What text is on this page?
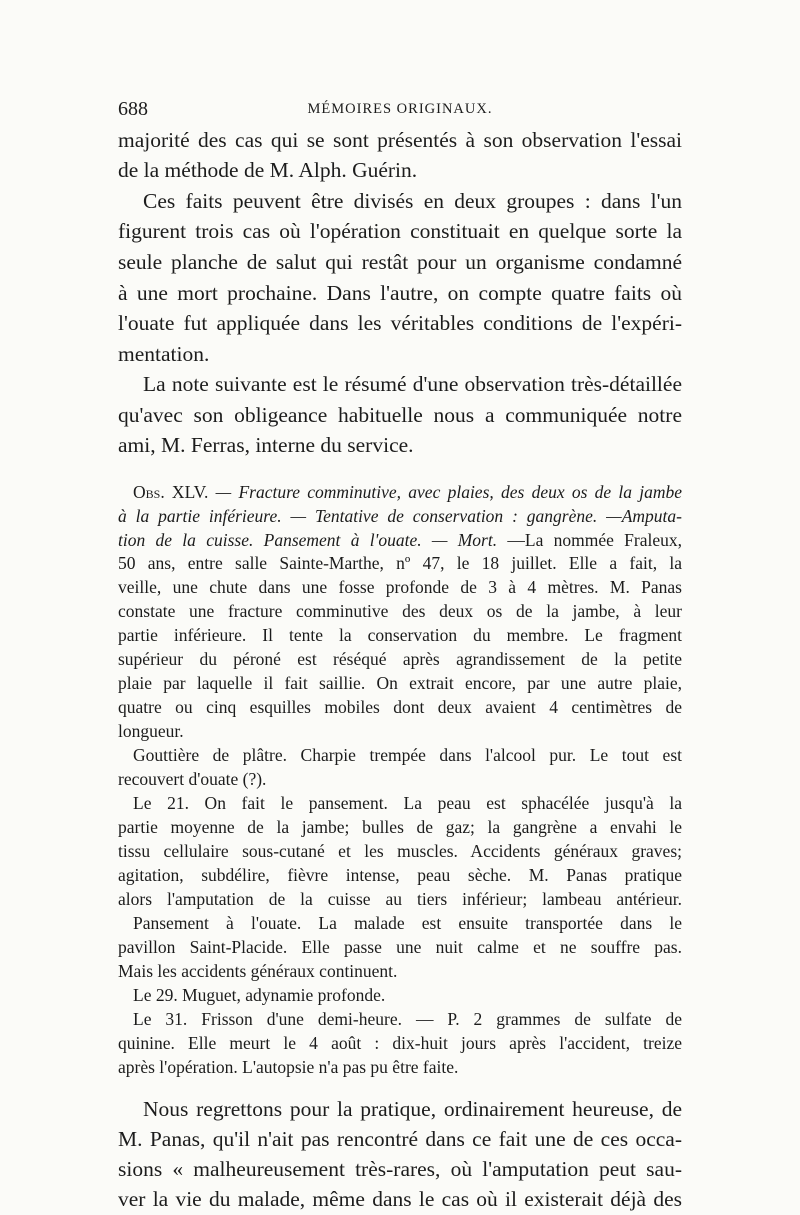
688	MÉMOIRES ORIGINAUX.
majorité des cas qui se sont présentés à son observation l'essai
de la méthode de M. Alph. Guérin.
Ces faits peuvent être divisés en deux groupes : dans l'un
figurent trois cas où l'opération constituait en quelque sorte la
seule planche de salut qui restât pour un organisme condamné
à une mort prochaine. Dans l'autre, on compte quatre faits où
l'ouate fut appliquée dans les véritables conditions de l'expéri-
mentation.
La note suivante est le résumé d'une observation très-détaillée
qu'avec son obligeance habituelle nous a communiquée notre
ami, M. Ferras, interne du service.
Obs. XLV. — Fracture comminutive, avec plaies, des deux os de la jambe
à la partie inférieure. — Tentative de conservation : gangrène. —Amputa-
tion de la cuisse. Pansement à l'ouate. — Mort. —La nommée Fraleux,
50 ans, entre salle Sainte-Marthe, nº 47, le 18 juillet. Elle a fait, la
veille, une chute dans une fosse profonde de 3 à 4 mètres. M. Panas
constate une fracture comminutive des deux os de la jambe, à leur
partie inférieure. Il tente la conservation du membre. Le fragment
supérieur du péroné est réséqué après agrandissement de la petite
plaie par laquelle il fait saillie. On extrait encore, par une autre plaie,
quatre ou cinq esquilles mobiles dont deux avaient 4 centimètres de
longueur.
Gouttière de plâtre. Charpie trempée dans l'alcool pur. Le tout est
recouvert d'ouate (?).
Le 21. On fait le pansement. La peau est sphacélée jusqu'à la
partie moyenne de la jambe; bulles de gaz; la gangrène a envahi le
tissu cellulaire sous-cutané et les muscles. Accidents généraux graves;
agitation, subdélire, fièvre intense, peau sèche. M. Panas pratique
alors l'amputation de la cuisse au tiers inférieur; lambeau antérieur.
Pansement à l'ouate. La malade est ensuite transportée dans le
pavillon Saint-Placide. Elle passe une nuit calme et ne souffre pas.
Mais les accidents généraux continuent.
Le 29. Muguet, adynamie profonde.
Le 31. Frisson d'une demi-heure. — P. 2 grammes de sulfate de
quinine. Elle meurt le 4 août : dix-huit jours après l'accident, treize
après l'opération. L'autopsie n'a pas pu être faite.
Nous regrettons pour la pratique, ordinairement heureuse, de
M. Panas, qu'il n'ait pas rencontré dans ce fait une de ces occa-
sions « malheureusement très-rares, où l'amputation peut sau-
ver la vie du malade, même dans le cas où il existerait déjà des
